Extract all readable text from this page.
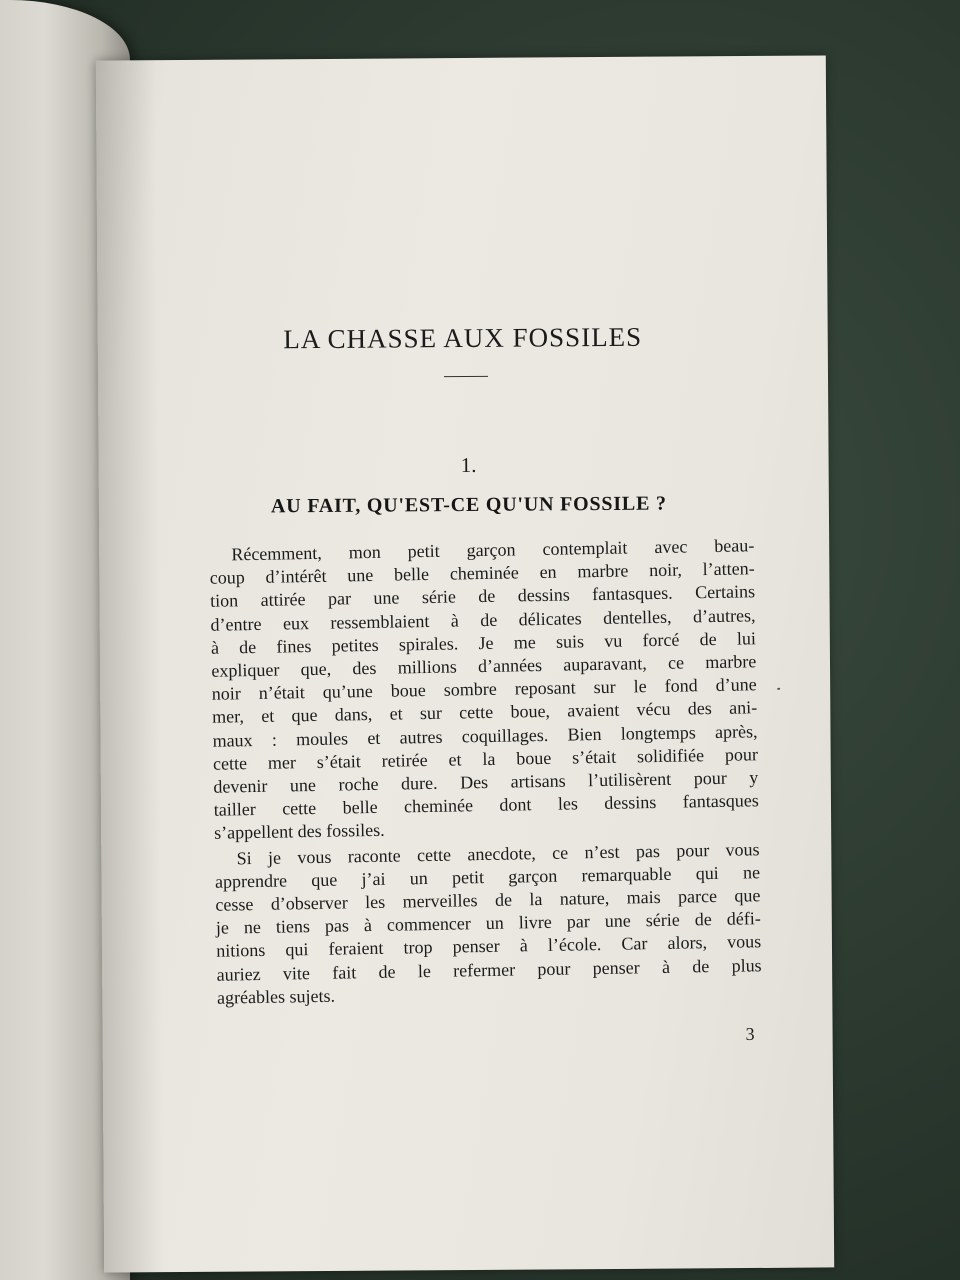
LA CHASSE AUX FOSSILES
1.
AU FAIT, QU'EST-CE QU'UN FOSSILE ?
Récemment, mon petit garçon contemplait avec beau-
coup d’intérêt une belle cheminée en marbre noir, l’atten-
tion attirée par une série de dessins fantasques. Certains
d’entre eux ressemblaient à de délicates dentelles, d’autres,
à de fines petites spirales. Je me suis vu forcé de lui
expliquer que, des millions d’années auparavant, ce marbre
noir n’était qu’une boue sombre reposant sur le fond d’une
mer, et que dans, et sur cette boue, avaient vécu des ani-
maux : moules et autres coquillages. Bien longtemps après,
cette mer s’était retirée et la boue s’était solidifiée pour
devenir une roche dure. Des artisans l’utilisèrent pour y
tailler cette belle cheminée dont les dessins fantasques
s’appellent des fossiles.
Si je vous raconte cette anecdote, ce n’est pas pour vous
apprendre que j’ai un petit garçon remarquable qui ne
cesse d’observer les merveilles de la nature, mais parce que
je ne tiens pas à commencer un livre par une série de défi-
nitions qui feraient trop penser à l’école. Car alors, vous
auriez vite fait de le refermer pour penser à de plus
agréables sujets.
3
